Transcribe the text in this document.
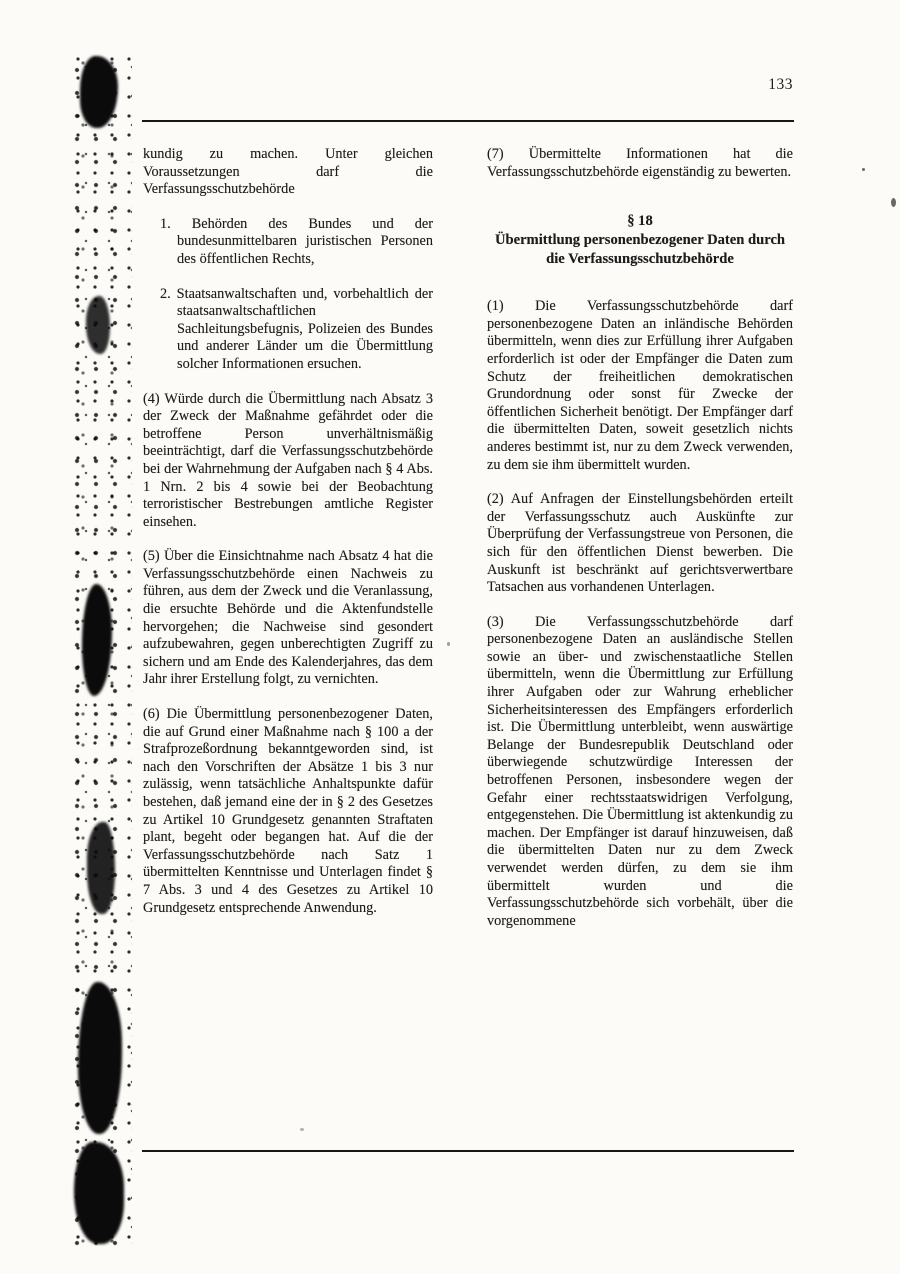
133

kundig zu machen. Unter gleichen Voraussetzungen darf die Verfassungsschutzbehörde

1. Behörden des Bundes und der bundesunmittelbaren juristischen Personen des öffentlichen Rechts,

2. Staatsanwaltschaften und, vorbehaltlich der staatsanwaltschaftlichen Sachleitungsbefugnis, Polizeien des Bundes und anderer Länder um die Übermittlung solcher Informationen ersuchen.

(4) Würde durch die Übermittlung nach Absatz 3 der Zweck der Maßnahme gefährdet oder die betroffene Person unverhältnismäßig beeinträchtigt, darf die Verfassungsschutzbehörde bei der Wahrnehmung der Aufgaben nach § 4 Abs. 1 Nrn. 2 bis 4 sowie bei der Beobachtung terroristischer Bestrebungen amtliche Register einsehen.

(5) Über die Einsichtnahme nach Absatz 4 hat die Verfassungsschutzbehörde einen Nachweis zu führen, aus dem der Zweck und die Veranlassung, die ersuchte Behörde und die Aktenfundstelle hervorgehen; die Nachweise sind gesondert aufzubewahren, gegen unberechtigten Zugriff zu sichern und am Ende des Kalenderjahres, das dem Jahr ihrer Erstellung folgt, zu vernichten.

(6) Die Übermittlung personenbezogener Daten, die auf Grund einer Maßnahme nach § 100 a der Strafprozeßordnung bekanntgeworden sind, ist nach den Vorschriften der Absätze 1 bis 3 nur zulässig, wenn tatsächliche Anhaltspunkte dafür bestehen, daß jemand eine der in § 2 des Gesetzes zu Artikel 10 Grundgesetz genannten Straftaten plant, begeht oder begangen hat. Auf die der Verfassungsschutzbehörde nach Satz 1 übermittelten Kenntnisse und Unterlagen findet § 7 Abs. 3 und 4 des Gesetzes zu Artikel 10 Grundgesetz entsprechende Anwendung.

(7) Übermittelte Informationen hat die Verfassungsschutzbehörde eigenständig zu bewerten.

§ 18
Übermittlung personenbezogener Daten durch die Verfassungsschutzbehörde

(1) Die Verfassungsschutzbehörde darf personenbezogene Daten an inländische Behörden übermitteln, wenn dies zur Erfüllung ihrer Aufgaben erforderlich ist oder der Empfänger die Daten zum Schutz der freiheitlichen demokratischen Grundordnung oder sonst für Zwecke der öffentlichen Sicherheit benötigt. Der Empfänger darf die übermittelten Daten, soweit gesetzlich nichts anderes bestimmt ist, nur zu dem Zweck verwenden, zu dem sie ihm übermittelt wurden.

(2) Auf Anfragen der Einstellungsbehörden erteilt der Verfassungsschutz auch Auskünfte zur Überprüfung der Verfassungstreue von Personen, die sich für den öffentlichen Dienst bewerben. Die Auskunft ist beschränkt auf gerichtsverwertbare Tatsachen aus vorhandenen Unterlagen.

(3) Die Verfassungsschutzbehörde darf personenbezogene Daten an ausländische Stellen sowie an über- und zwischenstaatliche Stellen übermitteln, wenn die Übermittlung zur Erfüllung ihrer Aufgaben oder zur Wahrung erheblicher Sicherheitsinteressen des Empfängers erforderlich ist. Die Übermittlung unterbleibt, wenn auswärtige Belange der Bundesrepublik Deutschland oder überwiegende schutzwürdige Interessen der betroffenen Personen, insbesondere wegen der Gefahr einer rechtsstaatswidrigen Verfolgung, entgegenstehen. Die Übermittlung ist aktenkundig zu machen. Der Empfänger ist darauf hinzuweisen, daß die übermittelten Daten nur zu dem Zweck verwendet werden dürfen, zu dem sie ihm übermittelt wurden und die Verfassungsschutzbehörde sich vorbehält, über die vorgenommene
